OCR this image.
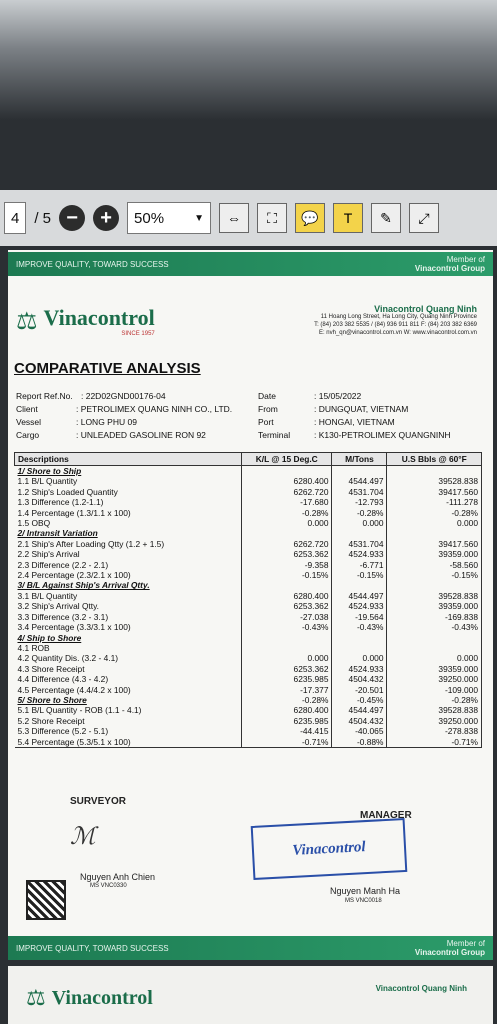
4 / 5 −	+	50%	▼	⇔	⛶	💬	T	✎	⤢
IMPROVE QUALITY, TOWARD SUCCESS	Member of
Vinacontrol Group
⚖ Vinacontrol
SINCE 1957
Vinacontrol Quang Ninh
11 Hoang Long Street, Ha Long City, Quang Ninh Province
T: (84) 203 382 5535 / (84) 936 911 811 F: (84) 203 382 6369
E: nvh_qn@vinacontrol.com.vn W: www.vinacontrol.com.vn
COMPARATIVE ANALYSIS
Report Ref.No. : 22D02GND00176-04
Client	: PETROLIMEX QUANG NINH CO., LTD.
Vessel	: LONG PHU 09
Cargo	: UNLEADED GASOLINE RON 92
Date	: 15/05/2022
From	: DUNGQUAT, VIETNAM
Port	: HONGAI, VIETNAM
Terminal	: K130-PETROLIMEX QUANGNINH
Descriptions	K/L @ 15 Deg.C	M/Tons	U.S Bbls @ 60°F
1/ Shore to Ship			
1.1 B/L Quantity	6280.400	4544.497	39528.838
1.2 Ship's Loaded Quantity	6262.720	4531.704	39417.560
1.3 Difference (1.2-1.1)	-17.680	-12.793	-111.278
1.4 Percentage (1.3/1.1 x 100)	-0.28%	-0.28%	-0.28%
1.5 OBQ	0.000	0.000	0.000
2/ Intransit Variation			
2.1 Ship's After Loading Qtty (1.2 + 1.5)	6262.720	4531.704	39417.560
2.2 Ship's Arrival	6253.362	4524.933	39359.000
2.3 Difference (2.2 - 2.1)	-9.358	-6.771	-58.560
2.4 Percentage (2.3/2.1 x 100)	-0.15%	-0.15%	-0.15%
3/ B/L Against Ship's Arrival Qtty.			
3.1 B/L Quantity	6280.400	4544.497	39528.838
3.2 Ship's Arrival Qtty.	6253.362	4524.933	39359.000
3.3 Difference (3.2 - 3.1)	-27.038	-19.564	-169.838
3.4 Percentage (3.3/3.1 x 100)	-0.43%	-0.43%	-0.43%
4/ Ship to Shore			
4.1 ROB			
4.2 Quantity Dis. (3.2 - 4.1)	0.000	0.000	0.000
4.3 Shore Receipt	6253.362	4524.933	39359.000
4.4 Difference (4.3 - 4.2)	6235.985	4504.432	39250.000
4.5 Percentage (4.4/4.2 x 100)	-17.377	-20.501	-109.000
5/ Shore to Shore	-0.28%	-0.45%	-0.28%
5.1 B/L Quantity - ROB (1.1 - 4.1)	6280.400	4544.497	39528.838
5.2 Shore Receipt	6235.985	4504.432	39250.000
5.3 Difference (5.2 - 5.1)	-44.415	-40.065	-278.838
5.4 Percentage (5.3/5.1 x 100)	-0.71%	-0.88%	-0.71%
SURVEYOR
MANAGER
ℳ	Vinacontrol
Nguyen Anh Chien
MS VNC0330	Nguyen Manh Ha
MS VNC0018
IMPROVE QUALITY, TOWARD SUCCESS	Member of
Vinacontrol Group
⚖ Vinacontrol	Vinacontrol Quang Ninh
